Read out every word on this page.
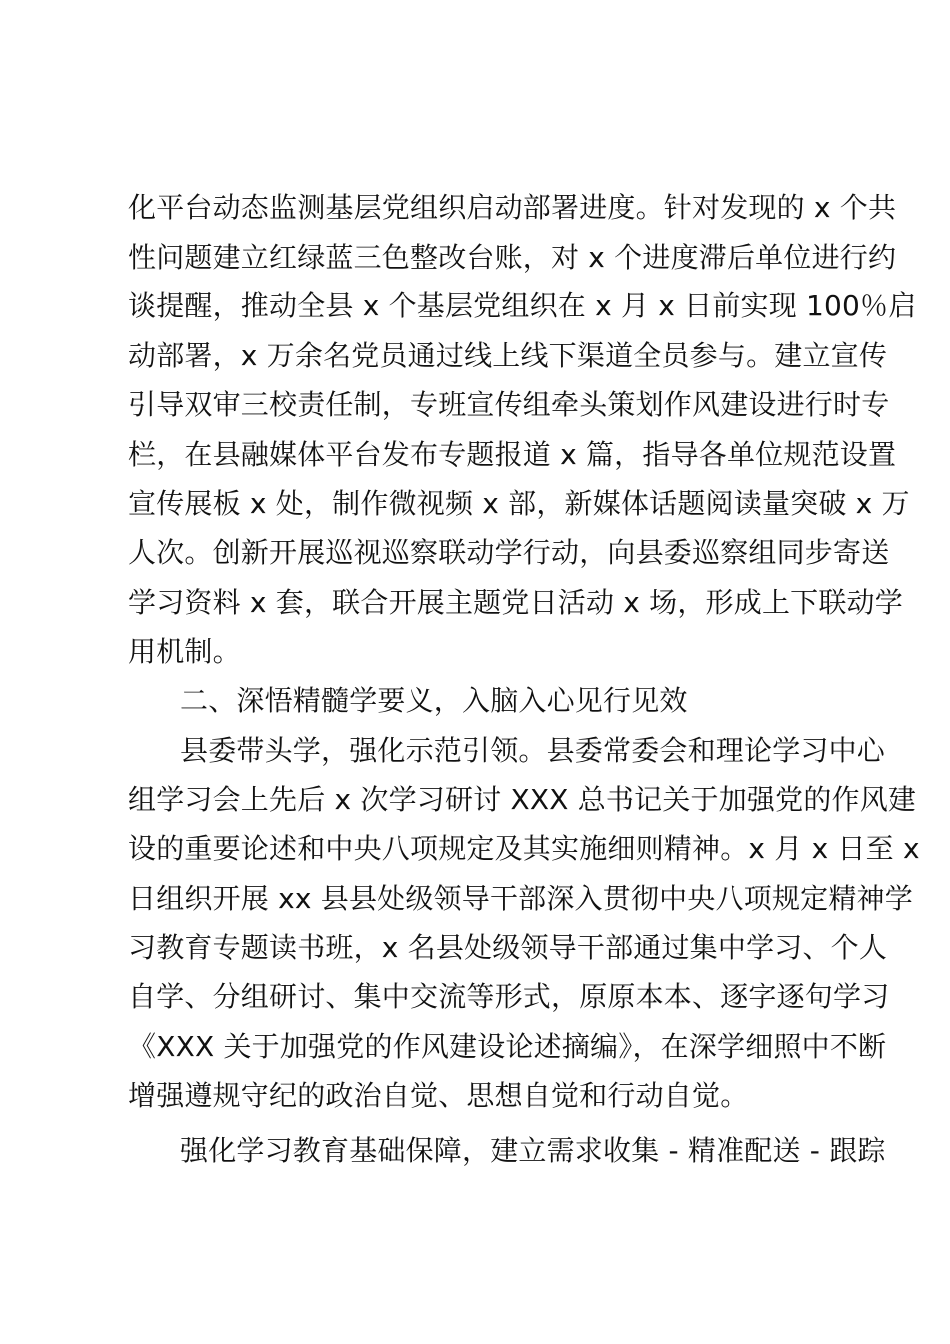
化平台动态监测基层党组织启动部署进度。针对发现的 x 个共
性问题建立红绿蓝三色整改台账，对 x 个进度滞后单位进行约
谈提醒，推动全县 x 个基层党组织在 x 月 x 日前实现 100％启
动部署，x 万余名党员通过线上线下渠道全员参与。建立宣传
引导双审三校责任制，专班宣传组牵头策划作风建设进行时专
栏，在县融媒体平台发布专题报道 x 篇，指导各单位规范设置
宣传展板 x 处，制作微视频 x 部，新媒体话题阅读量突破 x 万
人次。创新开展巡视巡察联动学行动，向县委巡察组同步寄送
学习资料 x 套，联合开展主题党日活动 x 场，形成上下联动学
用机制。
二、深悟精髓学要义，入脑入心见行见效
县委带头学，强化示范引领。县委常委会和理论学习中心
组学习会上先后 x 次学习研讨 XXX 总书记关于加强党的作风建
设的重要论述和中央八项规定及其实施细则精神。x 月 x 日至 x
日组织开展 xx 县县处级领导干部深入贯彻中央八项规定精神学
习教育专题读书班，x 名县处级领导干部通过集中学习、个人
自学、分组研讨、集中交流等形式，原原本本、逐字逐句学习
《XXX 关于加强党的作风建设论述摘编》，在深学细照中不断
增强遵规守纪的政治自觉、思想自觉和行动自觉。
强化学习教育基础保障，建立需求收集 - 精准配送 - 跟踪
